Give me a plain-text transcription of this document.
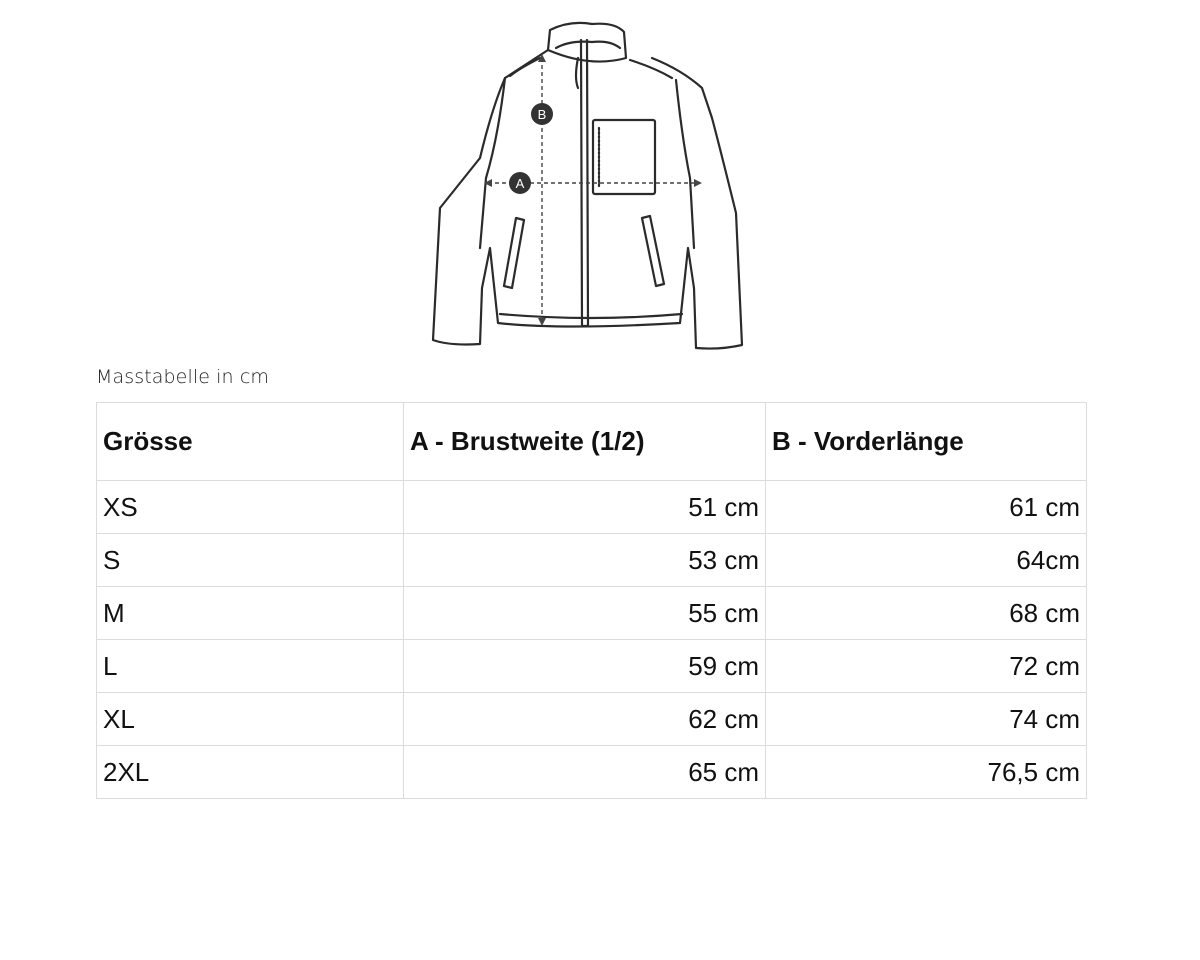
B
A
Masstabelle in cm
Grösse	A - Brustweite (1/2)	B - Vorderlänge
XS	51 cm	61 cm
S	53 cm	64cm
M	55 cm	68 cm
L	59 cm	72 cm
XL	62 cm	74 cm
2XL	65 cm	76,5 cm
